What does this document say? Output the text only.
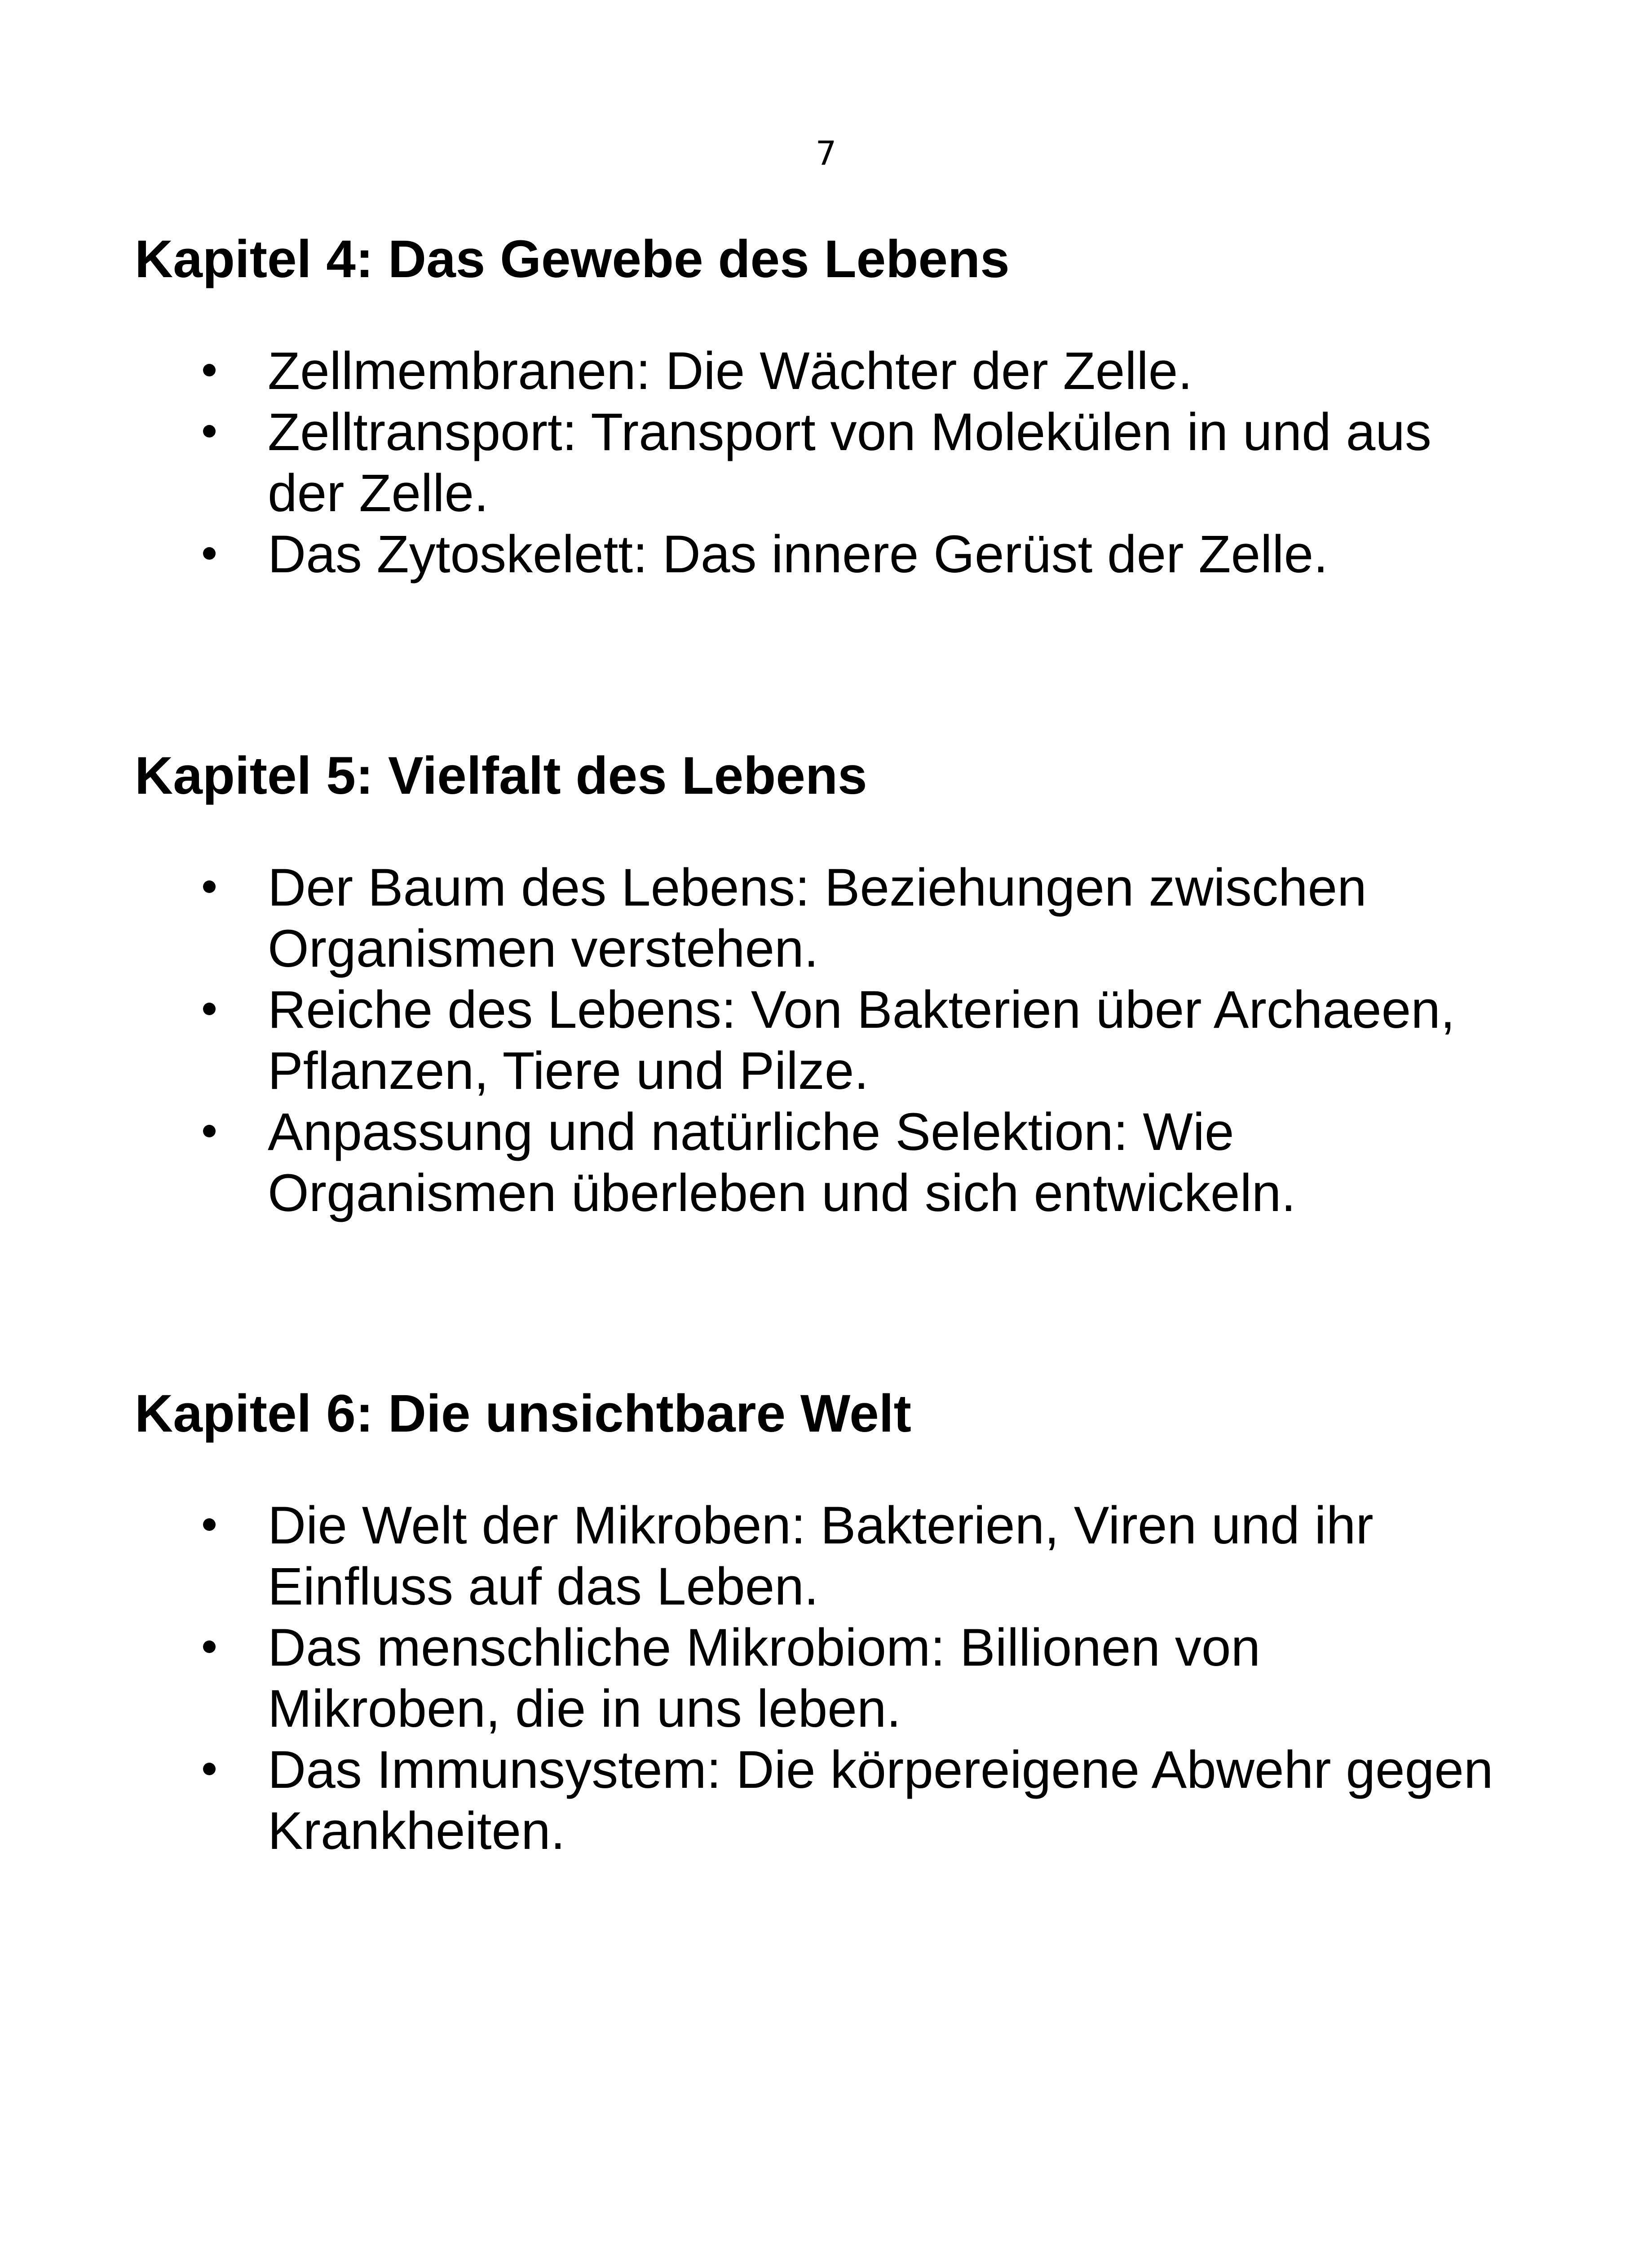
7
Kapitel 4: Das Gewebe des Lebens
Zellmembranen: Die Wächter der Zelle.
Zelltransport: Transport von Molekülen in und aus der Zelle.
Das Zytoskelett: Das innere Gerüst der Zelle.
Kapitel 5: Vielfalt des Lebens
Der Baum des Lebens: Beziehungen zwischen Organismen verstehen.
Reiche des Lebens: Von Bakterien über Archaeen, Pflanzen, Tiere und Pilze.
Anpassung und natürliche Selektion: Wie Organismen überleben und sich entwickeln.
Kapitel 6: Die unsichtbare Welt
Die Welt der Mikroben: Bakterien, Viren und ihr Einfluss auf das Leben.
Das menschliche Mikrobiom: Billionen von Mikroben, die in uns leben.
Das Immunsystem: Die körpereigene Abwehr gegen Krankheiten.
